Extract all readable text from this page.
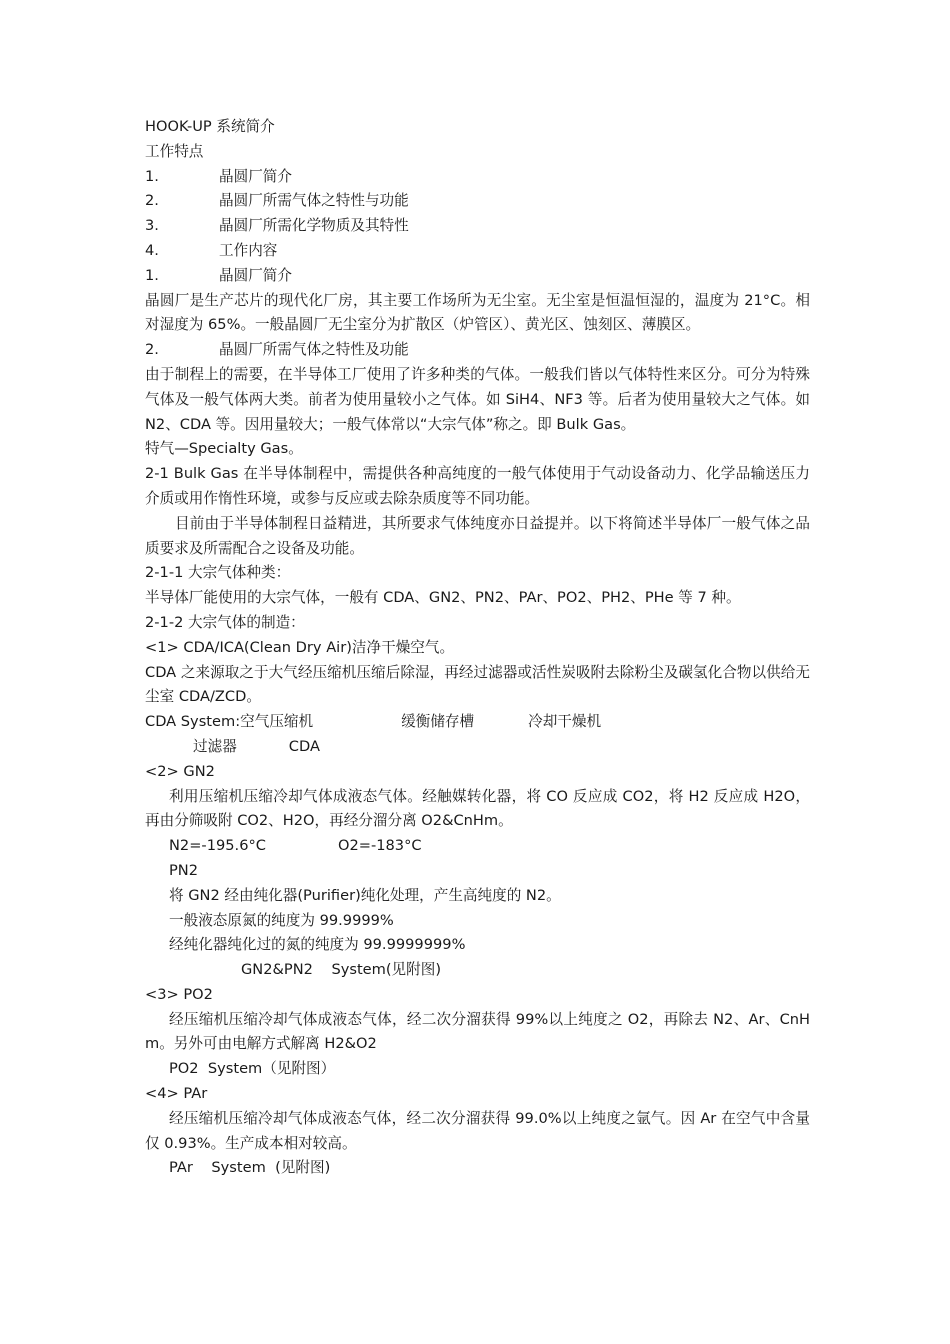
HOOK-UP 系统简介
工作特点
1.	晶圆厂简介
2.	晶圆厂所需气体之特性与功能
3.	晶圆厂所需化学物质及其特性
4.	工作内容
1.	晶圆厂简介
晶圆厂是生产芯片的现代化厂房，其主要工作场所为无尘室。无尘室是恒温恒湿的，温度为 21°C。相对湿度为 65%。一般晶圆厂无尘室分为扩散区（炉管区）、黄光区、蚀刻区、薄膜区。
2.	晶圆厂所需气体之特性及功能
由于制程上的需要，在半导体工厂使用了许多种类的气体。一般我们皆以气体特性来区分。可分为特殊气体及一般气体两大类。前者为使用量较小之气体。如 SiH4、NF3 等。后者为使用量较大之气体。如 N2、CDA 等。因用量较大；一般气体常以“大宗气体”称之。即 Bulk Gas。
特气—Specialty Gas。
2-1 Bulk Gas 在半导体制程中，需提供各种高纯度的一般气体使用于气动设备动力、化学品输送压力介质或用作惰性环境，或参与反应或去除杂质度等不同功能。
目前由于半导体制程日益精进，其所要求气体纯度亦日益提并。以下将简述半导体厂一般气体之品质要求及所需配合之设备及功能。
2-1-1 大宗气体种类：
半导体厂能使用的大宗气体，一般有 CDA、GN2、PN2、PAr、PO2、PH2、PHe 等 7 种。
2-1-2 大宗气体的制造：
<1> CDA/ICA(Clean Dry Air)洁净干燥空气。
CDA 之来源取之于大气经压缩机压缩后除湿，再经过滤器或活性炭吸附去除粉尘及碳氢化合物以供给无尘室 CDA/ZCD。
CDA System:空气压缩机	缓衡储存槽	冷却干燥机
过滤器	CDA
<2> GN2
利用压缩机压缩冷却气体成液态气体。经触媒转化器，将 CO 反应成 CO2，将 H2 反应成 H2O，再由分筛吸附 CO2、H2O，再经分溜分离 O2&CnHm。
N2=-195.6°C	O2=-183°C
PN2
将 GN2 经由纯化器(Purifier)纯化处理，产生高纯度的 N2。
一般液态原氮的纯度为 99.9999%
经纯化器纯化过的氮的纯度为 99.9999999%
GN2&PN2    System(见附图)
<3> PO2
经压缩机压缩冷却气体成液态气体，经二次分溜获得 99%以上纯度之 O2，再除去 N2、Ar、CnHm。另外可由电解方式解离 H2&O2
PO2  System（见附图）
<4> PAr
经压缩机压缩冷却气体成液态气体，经二次分溜获得 99.0%以上纯度之氩气。因 Ar 在空气中含量仅 0.93%。生产成本相对较高。
PAr    System  (见附图)
